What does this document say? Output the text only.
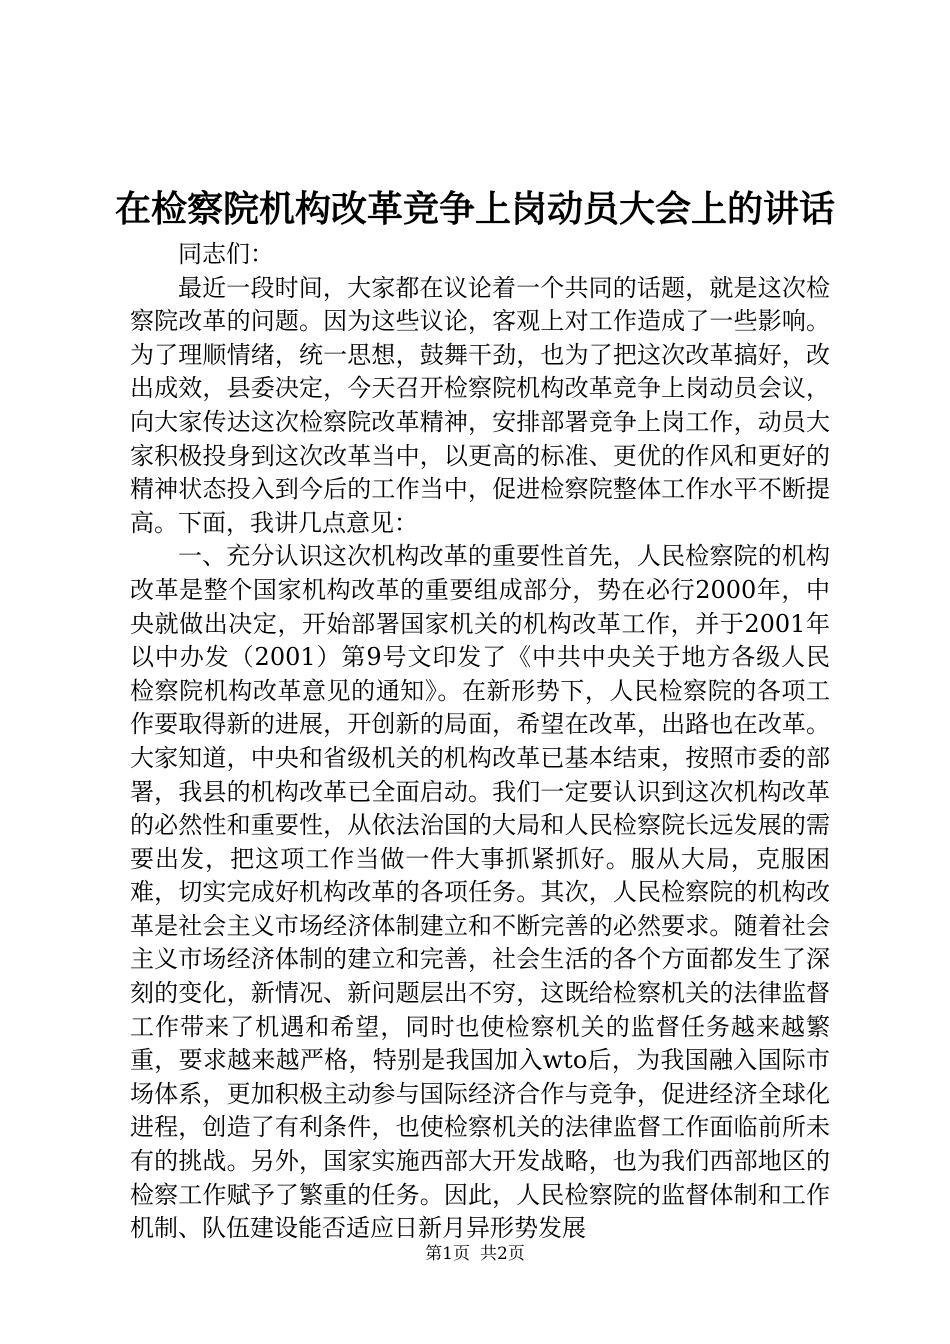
在检察院机构改革竞争上岗动员大会上的讲话

同志们：

最近一段时间，大家都在议论着一个共同的话题，就是这次检察院改革的问题。因为这些议论，客观上对工作造成了一些影响。为了理顺情绪，统一思想，鼓舞干劲，也为了把这次改革搞好，改出成效，县委决定，今天召开检察院机构改革竞争上岗动员会议，向大家传达这次检察院改革精神，安排部署竞争上岗工作，动员大家积极投身到这次改革当中，以更高的标准、更优的作风和更好的精神状态投入到今后的工作当中，促进检察院整体工作水平不断提高。下面，我讲几点意见：

一、充分认识这次机构改革的重要性首先，人民检察院的机构改革是整个国家机构改革的重要组成部分，势在必行2000年，中央就做出决定，开始部署国家机关的机构改革工作，并于2001年以中办发（2001）第9号文印发了《中共中央关于地方各级人民检察院机构改革意见的通知》。在新形势下，人民检察院的各项工作要取得新的进展，开创新的局面，希望在改革，出路也在改革。大家知道，中央和省级机关的机构改革已基本结束，按照市委的部署，我县的机构改革已全面启动。我们一定要认识到这次机构改革的必然性和重要性，从依法治国的大局和人民检察院长远发展的需要出发，把这项工作当做一件大事抓紧抓好。服从大局，克服困难，切实完成好机构改革的各项任务。其次，人民检察院的机构改革是社会主义市场经济体制建立和不断完善的必然要求。随着社会主义市场经济体制的建立和完善，社会生活的各个方面都发生了深刻的变化，新情况、新问题层出不穷，这既给检察机关的法律监督工作带来了机遇和希望，同时也使检察机关的监督任务越来越繁重，要求越来越严格，特别是我国加入wto后，为我国融入国际市场体系，更加积极主动参与国际经济合作与竞争，促进经济全球化进程，创造了有利条件，也使检察机关的法律监督工作面临前所未有的挑战。另外，国家实施西部大开发战略，也为我们西部地区的检察工作赋予了繁重的任务。因此，人民检察院的监督体制和工作机制、队伍建设能否适应日新月异形势发展

第1页 共2页
